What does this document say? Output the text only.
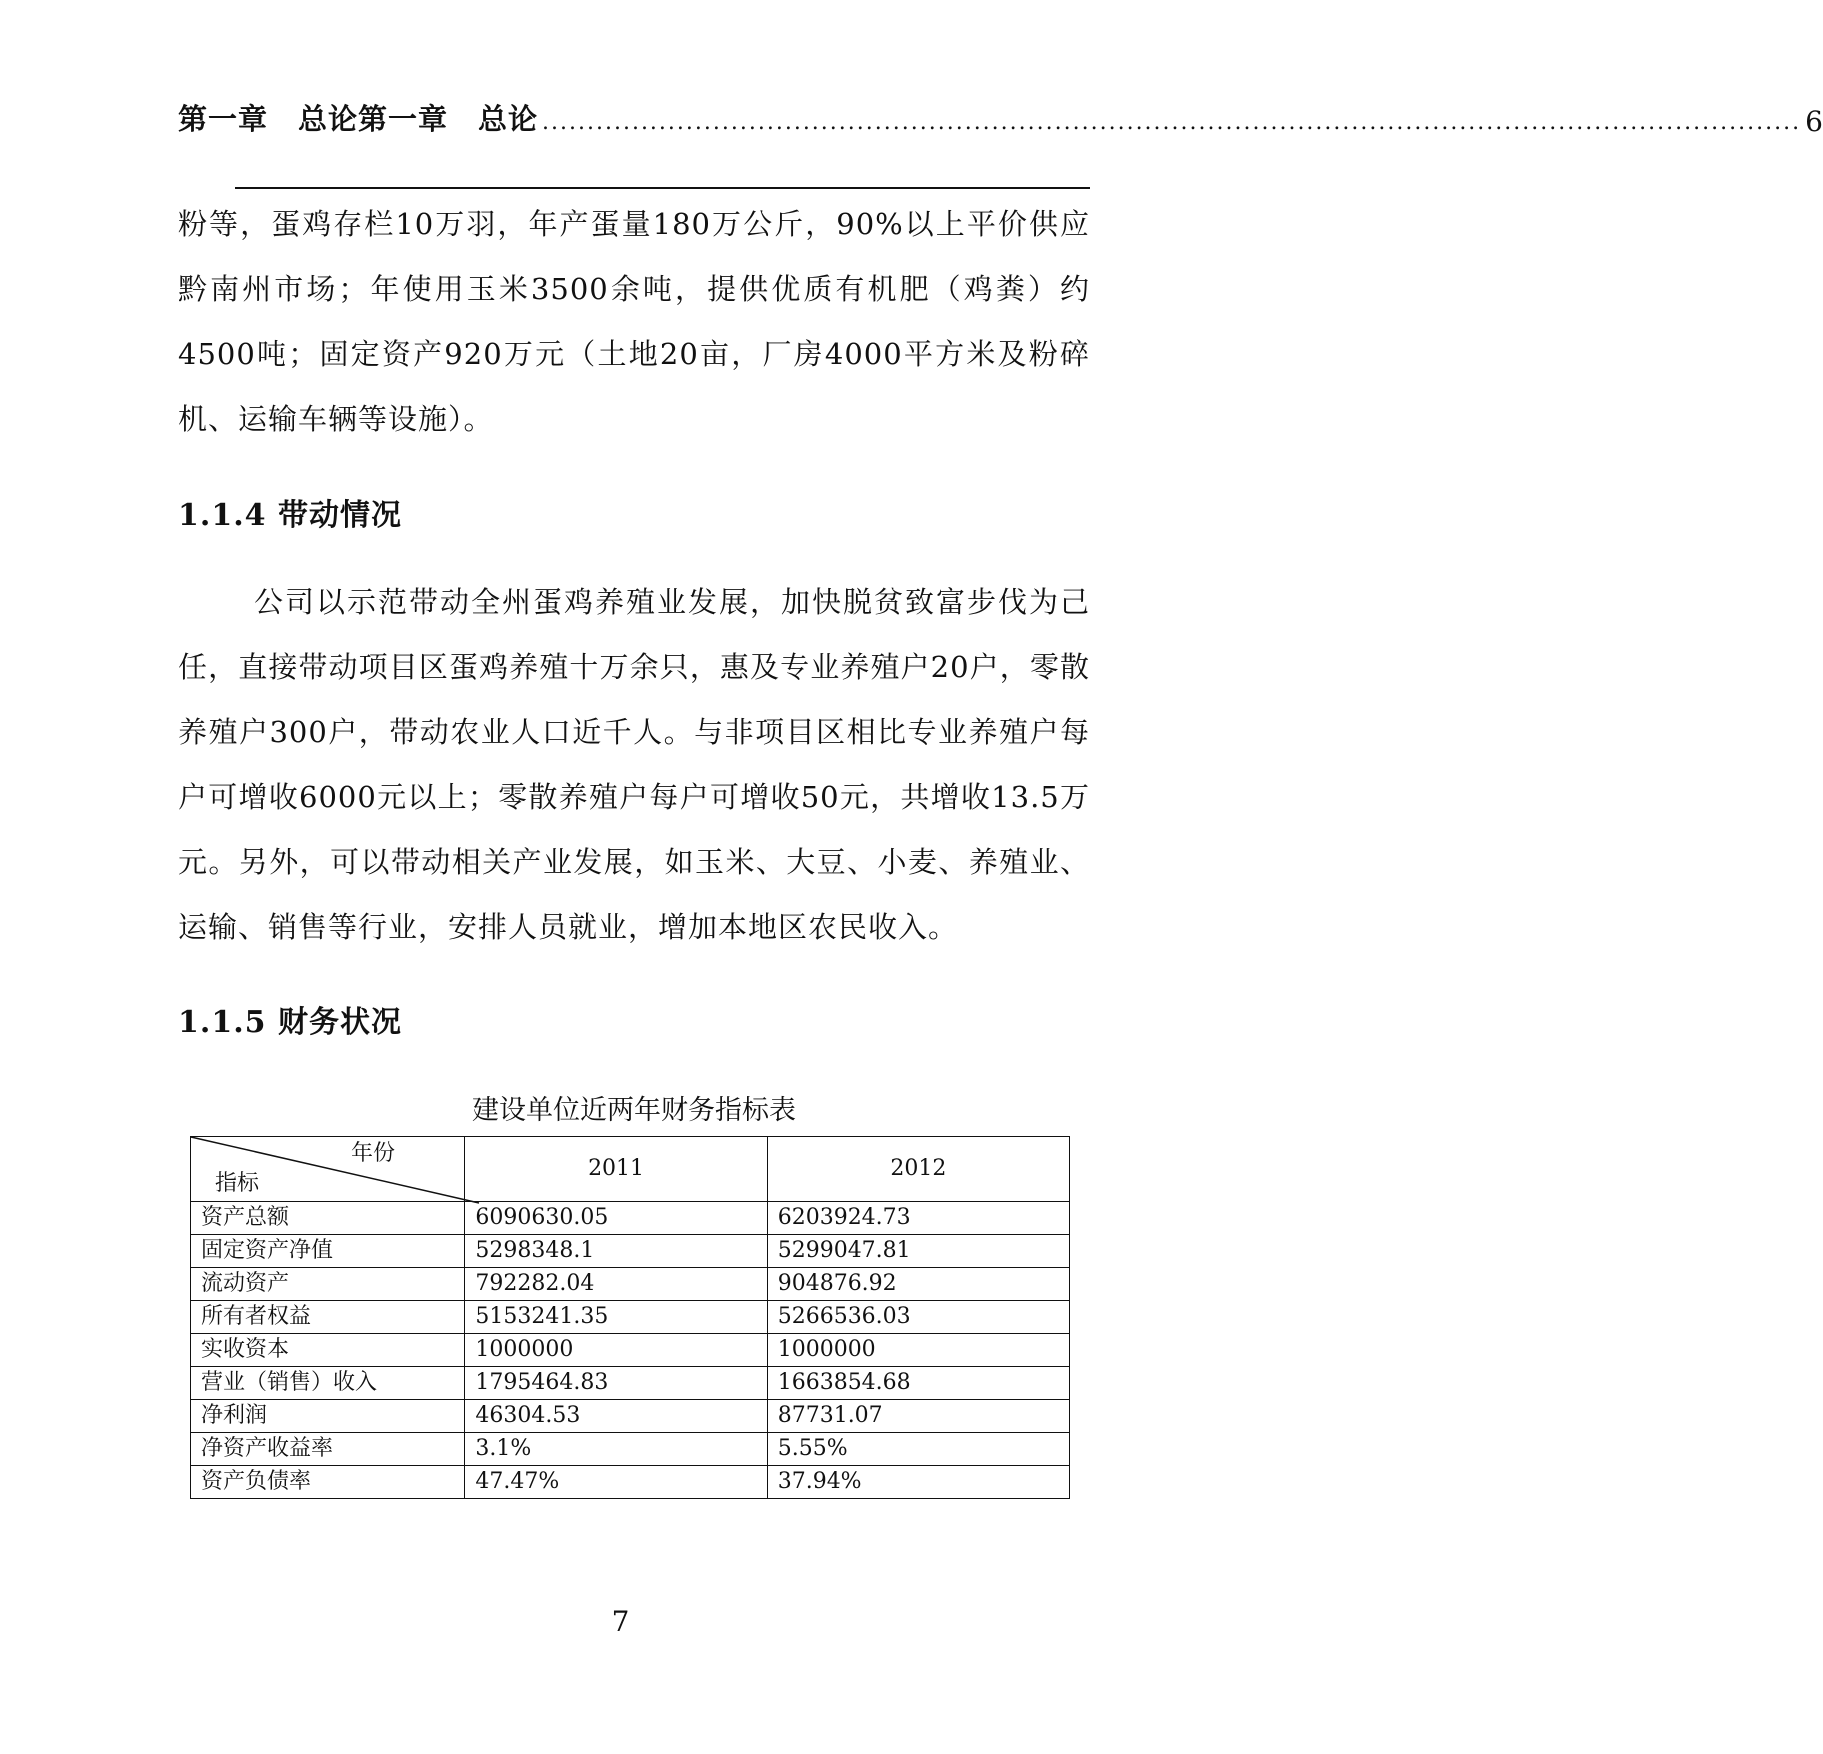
第一章　总论第一章　总论 ............................................................................................................................................ 6
粉等，蛋鸡存栏10万羽，年产蛋量180万公斤，90%以上平价供应黔南州市场；年使用玉米3500余吨，提供优质有机肥（鸡粪）约4500吨；固定资产920万元（土地20亩，厂房4000平方米及粉碎机、运输车辆等设施）。
1.1.4 带动情况
公司以示范带动全州蛋鸡养殖业发展，加快脱贫致富步伐为己任，直接带动项目区蛋鸡养殖十万余只，惠及专业养殖户20户，零散养殖户300户，带动农业人口近千人。与非项目区相比专业养殖户每户可增收6000元以上；零散养殖户每户可增收50元，共增收13.5万元。另外，可以带动相关产业发展，如玉米、大豆、小麦、养殖业、运输、销售等行业，安排人员就业，增加本地区农民收入。
1.1.5 财务状况
建设单位近两年财务指标表
年份
指标	2011	2012
资产总额	6090630.05	6203924.73
固定资产净值	5298348.1	5299047.81
流动资产	792282.04	904876.92
所有者权益	5153241.35	5266536.03
实收资本	1000000	1000000
营业（销售）收入	1795464.83	1663854.68
净利润	46304.53	87731.07
净资产收益率	3.1%	5.55%
资产负债率	47.47%	37.94%
7
